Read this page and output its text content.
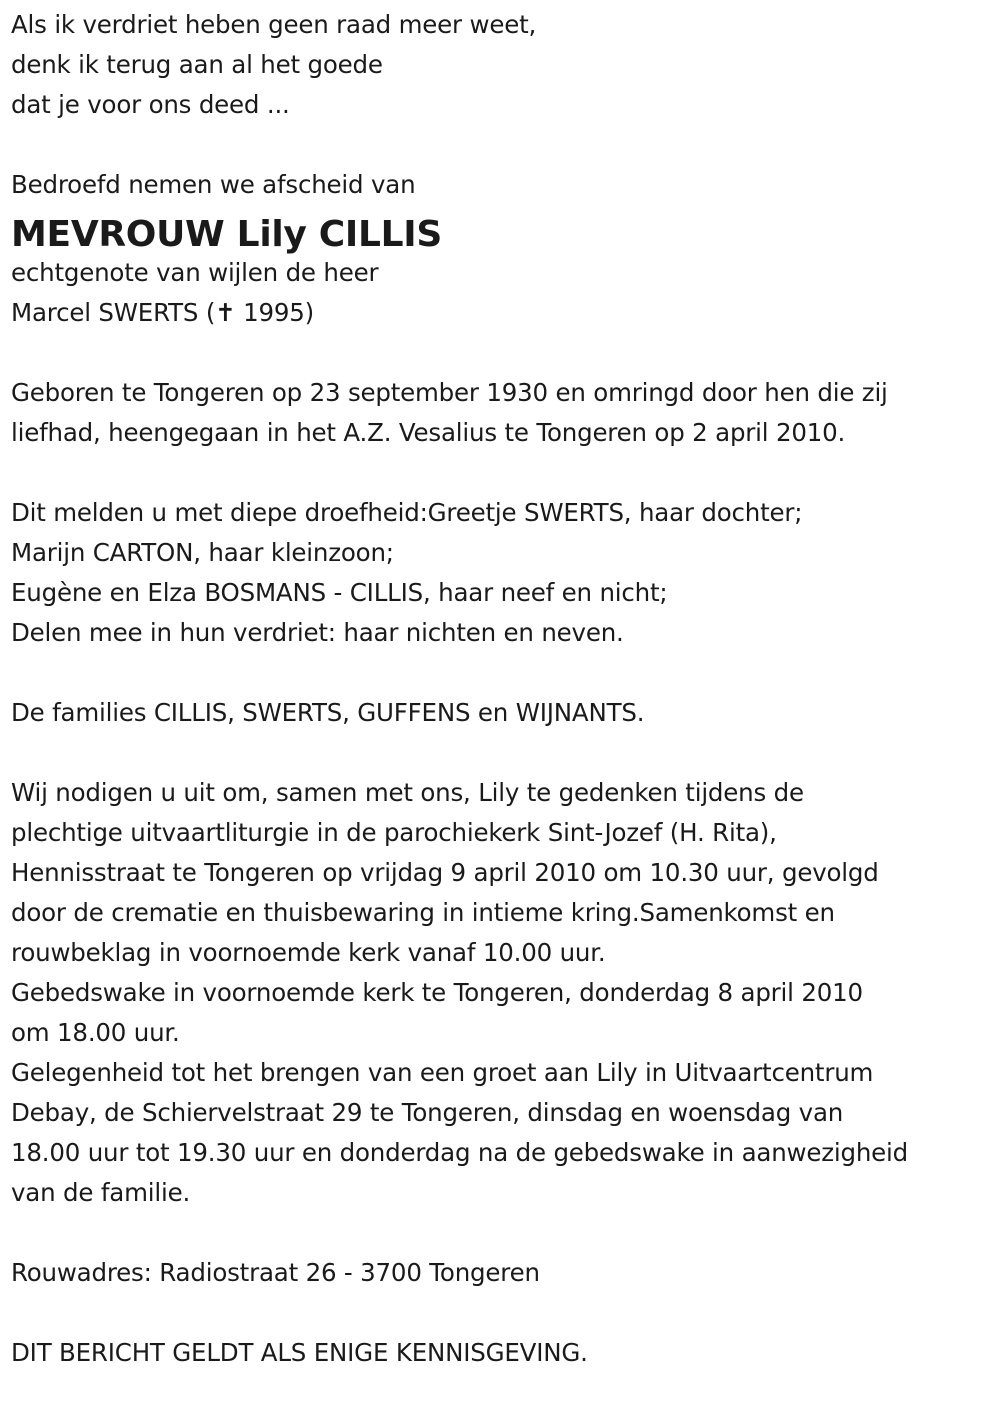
Als ik verdriet heben geen raad meer weet,
denk ik terug aan al het goede
dat je voor ons deed ...
Bedroefd nemen we afscheid van
MEVROUW Lily CILLIS
echtgenote van wijlen de heer
Marcel SWERTS (✝ 1995)
Geboren te Tongeren op 23 september 1930 en omringd door hen die zij
liefhad, heengegaan in het A.Z. Vesalius te Tongeren op 2 april 2010.
Dit melden u met diepe droefheid:Greetje SWERTS, haar dochter;
Marijn CARTON, haar kleinzoon;
Eugène en Elza BOSMANS - CILLIS, haar neef en nicht;
Delen mee in hun verdriet: haar nichten en neven.
De families CILLIS, SWERTS, GUFFENS en WIJNANTS.
Wij nodigen u uit om, samen met ons, Lily te gedenken tijdens de
plechtige uitvaartliturgie in de parochiekerk Sint-Jozef (H. Rita),
Hennisstraat te Tongeren op vrijdag 9 april 2010 om 10.30 uur, gevolgd
door de crematie en thuisbewaring in intieme kring.Samenkomst en
rouwbeklag in voornoemde kerk vanaf 10.00 uur.
Gebedswake in voornoemde kerk te Tongeren, donderdag 8 april 2010
om 18.00 uur.
Gelegenheid tot het brengen van een groet aan Lily in Uitvaartcentrum
Debay, de Schiervelstraat 29 te Tongeren, dinsdag en woensdag van
18.00 uur tot 19.30 uur en donderdag na de gebedswake in aanwezigheid
van de familie.
Rouwadres: Radiostraat 26 - 3700 Tongeren
DIT BERICHT GELDT ALS ENIGE KENNISGEVING.
